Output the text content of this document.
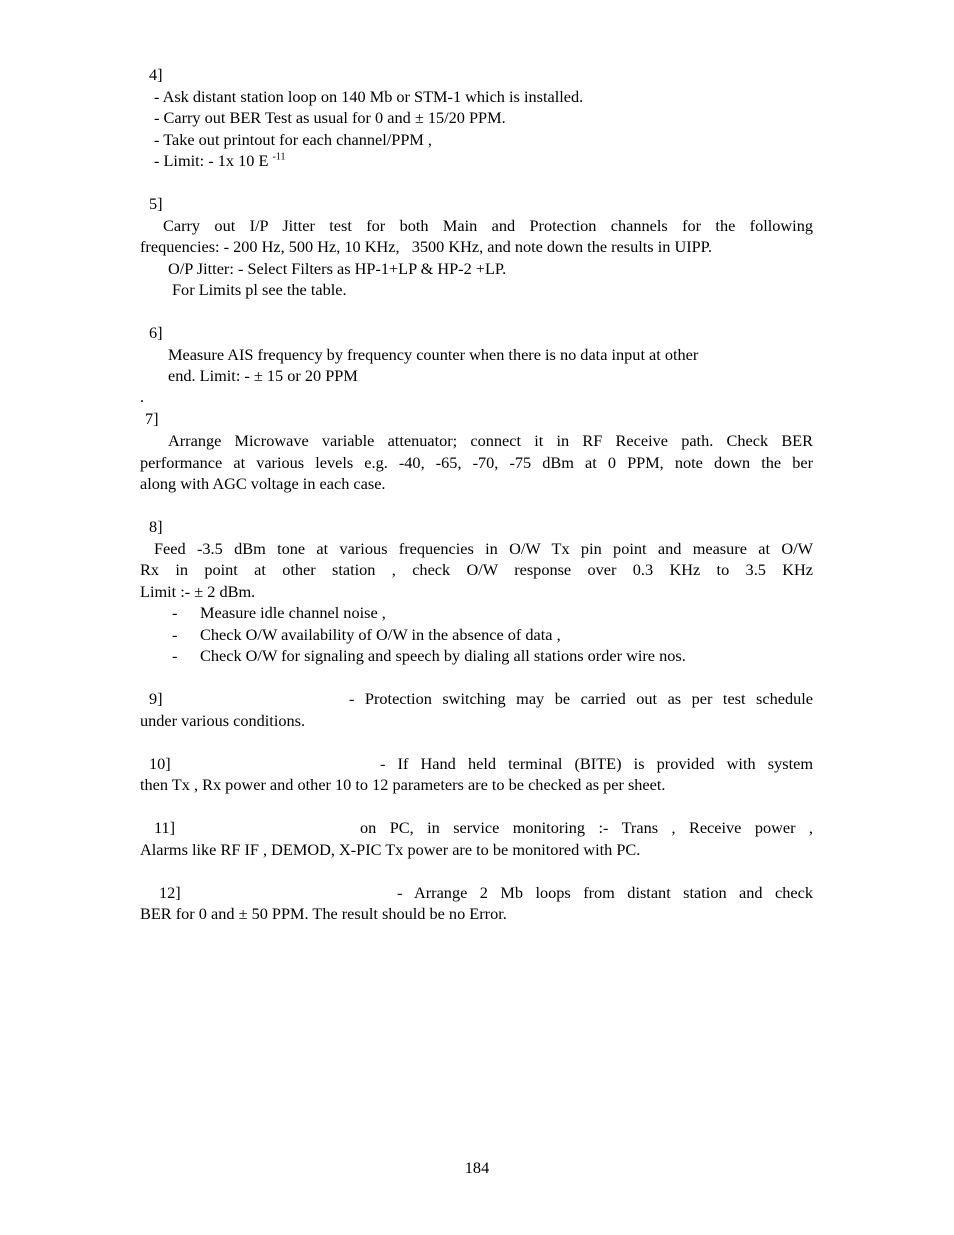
4]
- Ask distant station loop on 140 Mb or STM-1 which is installed.
- Carry out BER Test as usual for 0 and ± 15/20 PPM.
- Take out printout for each channel/PPM ,
- Limit: - 1x 10 E $^{-11}$
5]
Carry out I/P Jitter test for both Main and Protection channels for the following
frequencies: - 200 Hz, 500 Hz, 10 KHz,   3500 KHz, and note down the results in UIPP.
O/P Jitter: - Select Filters as HP-1+LP & HP-2 +LP.
For Limits pl see the table.
6]
Measure AIS frequency by frequency counter when there is no data input at other
end. Limit: - ± 15 or 20 PPM
.
7]
Arrange Microwave variable attenuator; connect it in RF Receive path. Check BER
performance at various levels e.g. -40, -65, -70, -75 dBm at 0 PPM, note down the ber
along with AGC voltage in each case.
8]
Feed -3.5 dBm tone at various frequencies in O/W Tx pin point and measure at O/W
Rx in point at other station , check O/W response over 0.3 KHz to 3.5 KHz
Limit :- ± 2 dBm.
- Measure idle channel noise ,
- Check O/W availability of O/W in the absence of data ,
- Check O/W for signaling and speech by dialing all stations order wire nos.
9]	- Protection switching may be carried out as per test schedule
under various conditions.
10]	- If Hand held terminal (BITE) is provided with system
then Tx , Rx power and other 10 to 12 parameters are to be checked as per sheet.
11]	on PC, in service monitoring :- Trans , Receive power ,
Alarms like RF IF , DEMOD, X-PIC Tx power are to be monitored with PC.
12]	- Arrange 2 Mb loops from distant station and check
BER for 0 and ± 50 PPM. The result should be no Error.
184
